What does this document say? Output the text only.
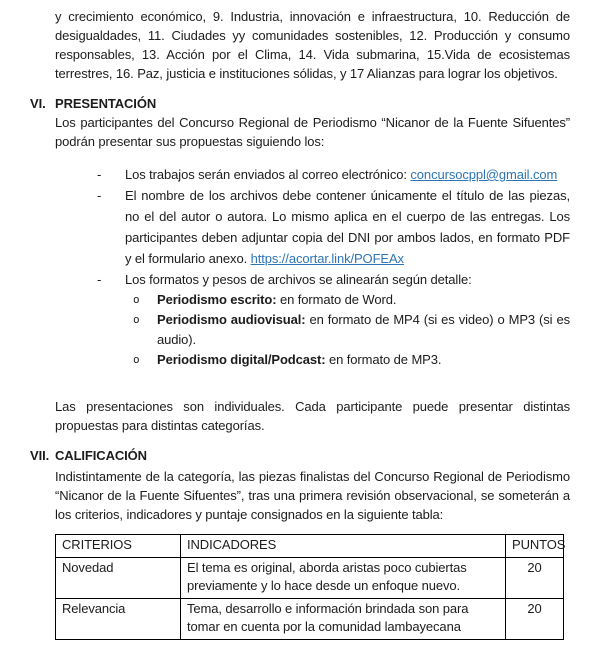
y crecimiento económico, 9. Industria, innovación e infraestructura, 10. Reducción de desigualdades, 11. Ciudades yy comunidades sostenibles, 12. Producción y consumo responsables, 13. Acción por el Clima, 14. Vida submarina, 15.Vida de ecosistemas terrestres, 16. Paz, justicia e instituciones sólidas, y 17 Alianzas para lograr los objetivos.

VI. PRESENTACIÓN

Los participantes del Concurso Regional de Periodismo “Nicanor de la Fuente Sifuentes” podrán presentar sus propuestas siguiendo los:

-	Los trabajos serán enviados al correo electrónico: concursocppl@gmail.com

-	El nombre de los archivos debe contener únicamente el título de las piezas, no el del autor o autora. Lo mismo aplica en el cuerpo de las entregas. Los participantes deben adjuntar copia del DNI por ambos lados, en formato PDF y el formulario anexo. https://acortar.link/POFEAx

-	Los formatos y pesos de archivos se alinearán según detalle:

o	Periodismo escrito: en formato de Word.

o	Periodismo audiovisual: en formato de MP4 (si es video) o MP3 (si es audio).

o	Periodismo digital/Podcast: en formato de MP3.

Las presentaciones son individuales. Cada participante puede presentar distintas propuestas para distintas categorías.

VII. CALIFICACIÓN

Indistintamente de la categoría, las piezas finalistas del Concurso Regional de Periodismo “Nicanor de la Fuente Sifuentes”, tras una primera revisión observacional, se someterán a los criterios, indicadores y puntaje consignados en la siguiente tabla:

CRITERIOS	INDICADORES	PUNTOS
Novedad	El tema es original, aborda aristas poco cubiertas previamente y lo hace desde un enfoque nuevo.	20
Relevancia	Tema, desarrollo e información brindada son para tomar en cuenta por la comunidad lambayecana	20
